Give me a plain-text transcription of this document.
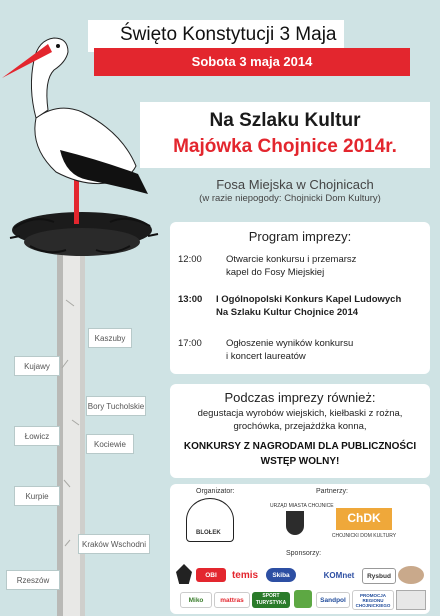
Święto Konstytucji 3 Maja
Sobota 3 maja 2014
Na Szlaku Kultur
Majówka Chojnice 2014r.
Fosa Miejska w Chojnicach
(w razie niepogody: Chojnicki Dom Kultury)
Program imprezy:
12:00	Otwarcie konkursu i przemarsz
kapel do Fosy Miejskiej
13:00 I Ogólnopolski Konkurs Kapel Ludowych
Na Szlaku Kultur Chojnice 2014
17:00	Ogłoszenie wyników konkursu
i koncert laureatów
Podczas imprezy również:
degustacja wyrobów wiejskich, kiełbaski z rożna,
grochówka, przejażdżka konna,
KONKURSY Z NAGRODAMI DLA PUBLICZNOŚCI
WSTĘP WOLNY!
Kaszuby
Kujawy
Bory Tucholskie
Łowicz
Kociewie
Kurpie
Kraków Wschodni
Rzeszów
Organizator:
BLOŁEK
Partnerzy:
URZĄD MIASTA CHOJNICE
ChDK
CHOJNICKI DOM KULTURY
Sponsorzy:
OBI	temis	Skiba	KOMnet	Rysbud
Miko	mattras
SPORT TURYSTYKA	Sandpol
PROMOCJA REGIONU CHOJNICKIEGO
